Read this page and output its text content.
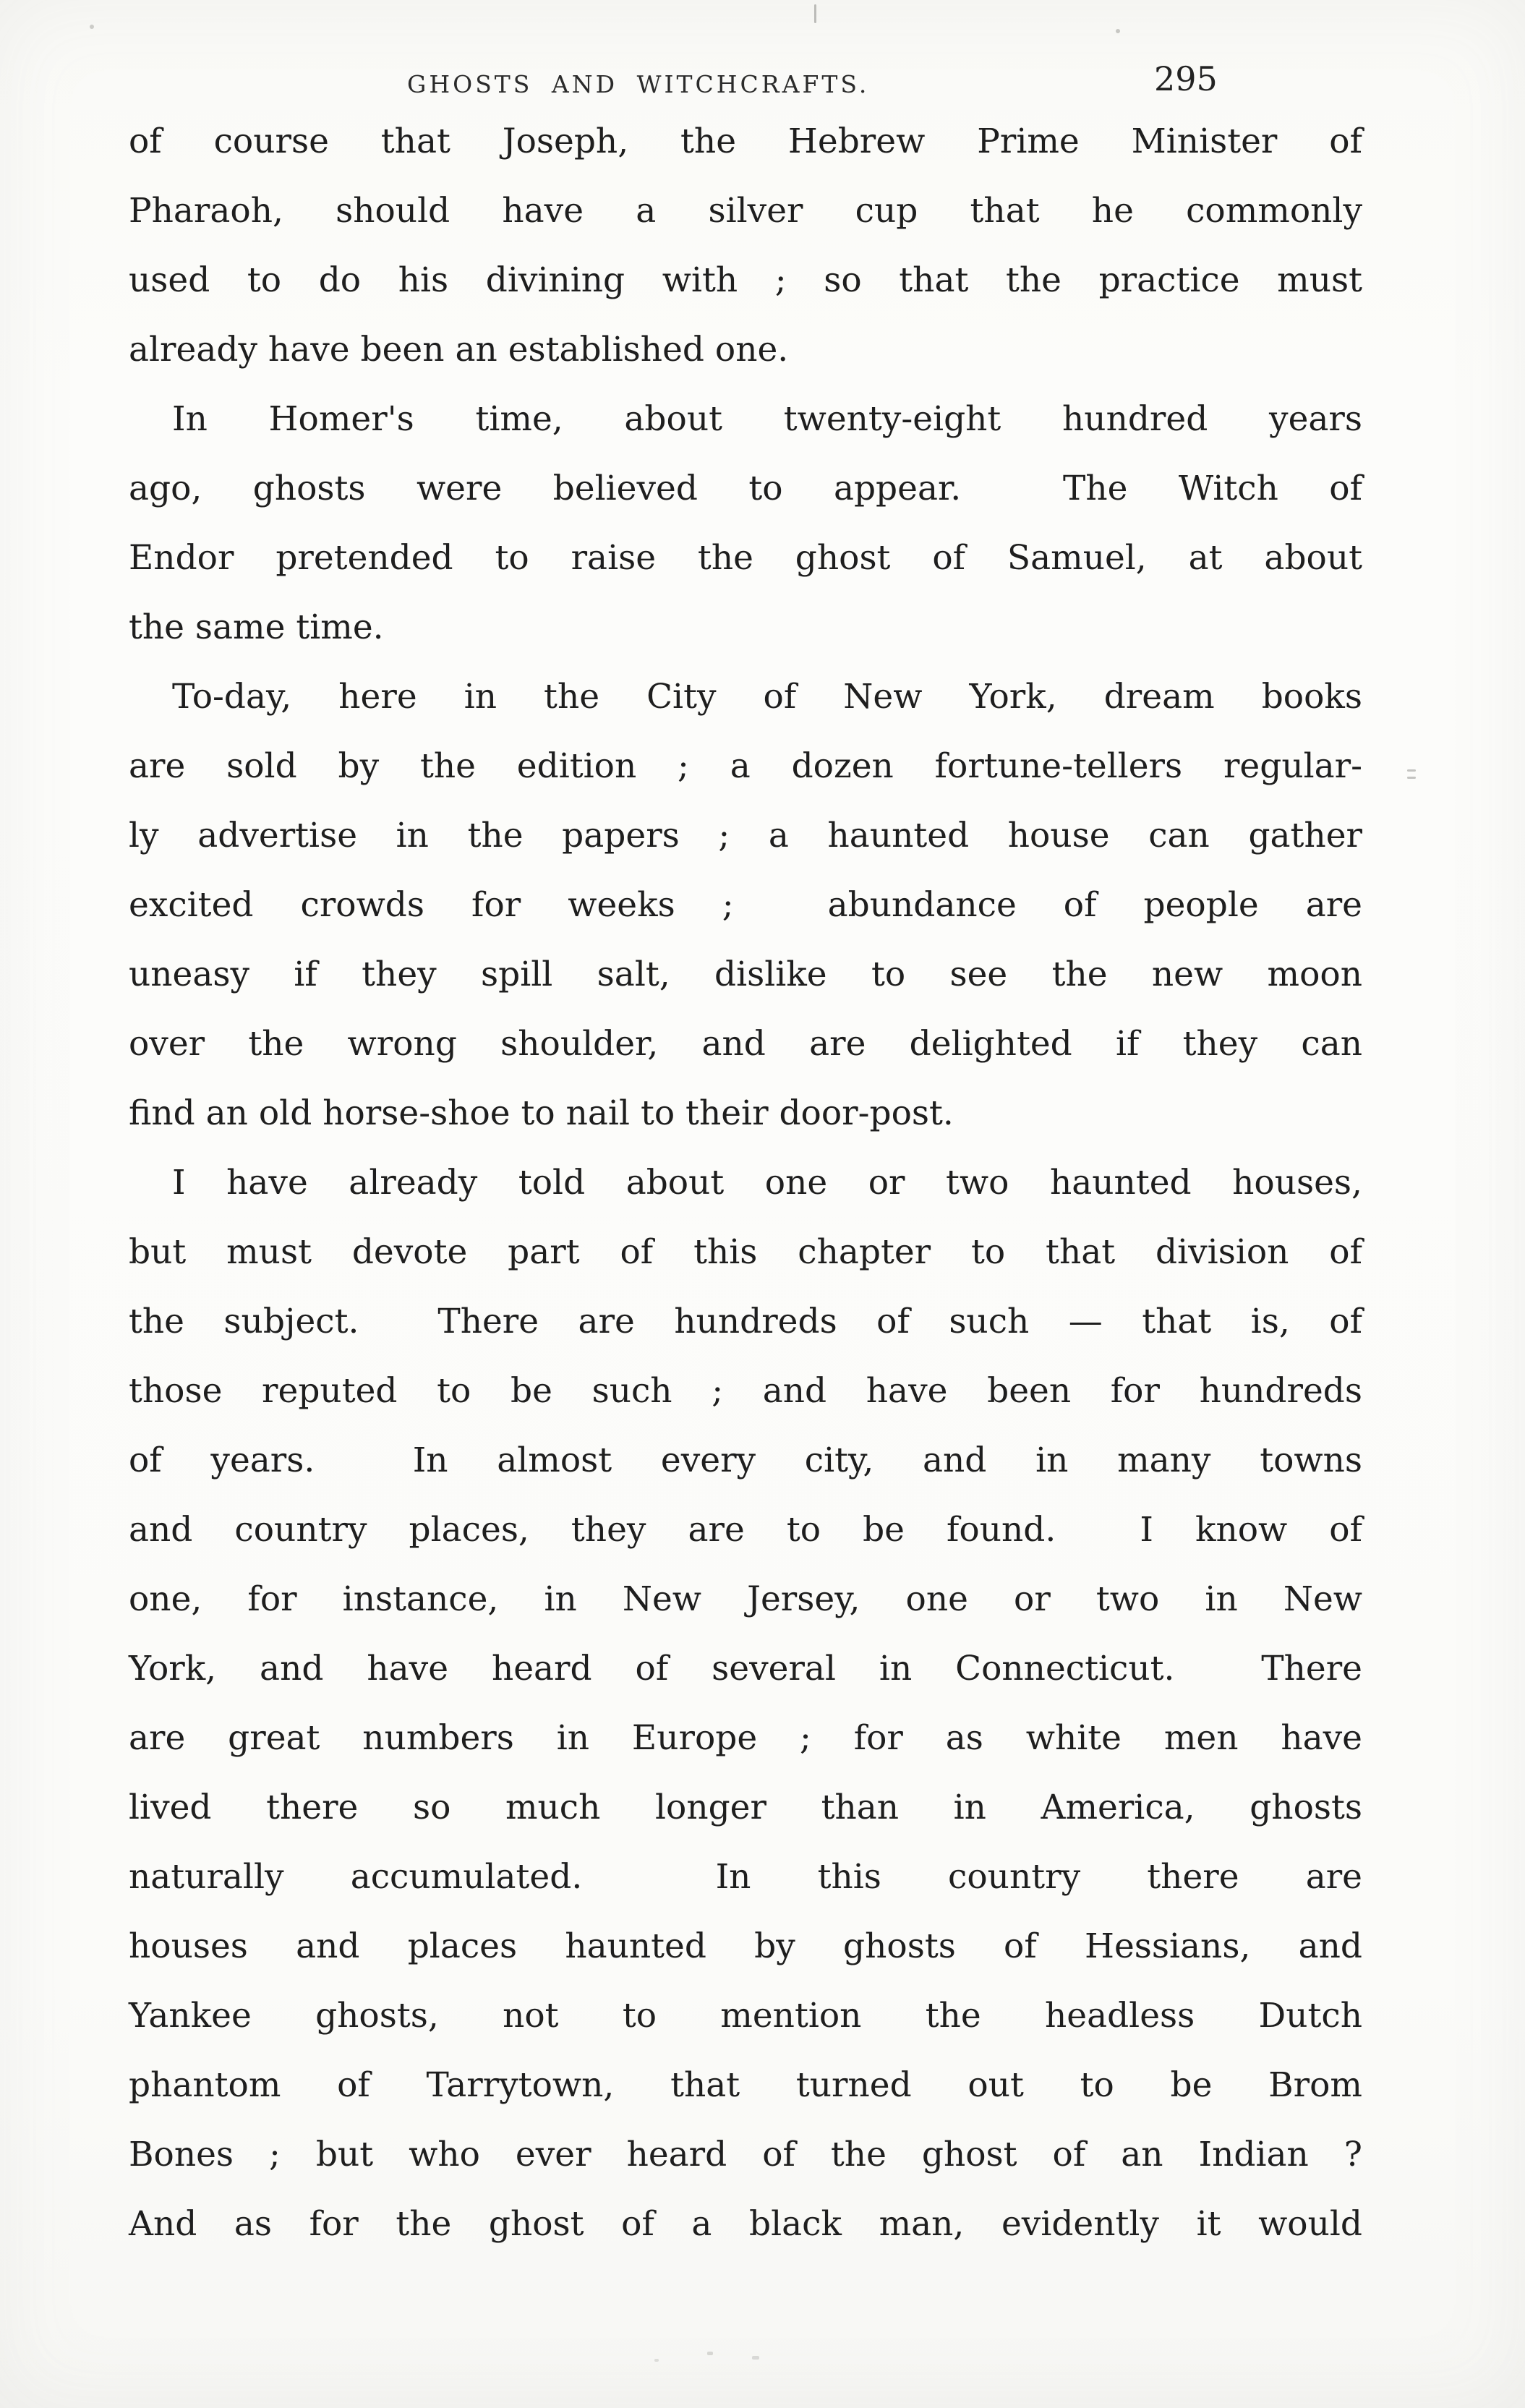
GHOSTS AND WITCHCRAFTS.	295
of course that Joseph, the Hebrew Prime Minister of
Pharaoh, should have a silver cup that he commonly
used to do his divining with ; so that the practice must
already have been an established one.
In Homer's time, about twenty-eight hundred years
ago, ghosts were believed to appear.  The Witch of
Endor pretended to raise the ghost of Samuel, at about
the same time.
To-day, here in the City of New York, dream books
are sold by the edition ; a dozen fortune-tellers regular-
ly advertise in the papers ; a haunted house can gather
excited crowds for weeks ;  abundance of people are
uneasy if they spill salt, dislike to see the new moon
over the wrong shoulder, and are delighted if they can
find an old horse-shoe to nail to their door-post.
I have already told about one or two haunted houses,
but must devote part of this chapter to that division of
the subject.  There are hundreds of such — that is, of
those reputed to be such ; and have been for hundreds
of years.  In almost every city, and in many towns
and country places, they are to be found.  I know of
one, for instance, in New Jersey, one or two in New
York, and have heard of several in Connecticut.  There
are great numbers in Europe ; for as white men have
lived there so much longer than in America, ghosts
naturally accumulated.  In this country there are
houses and places haunted by ghosts of Hessians, and
Yankee ghosts, not to mention the headless Dutch
phantom of Tarrytown, that turned out to be Brom
Bones ; but who ever heard of the ghost of an Indian ?
And as for the ghost of a black man, evidently it would
